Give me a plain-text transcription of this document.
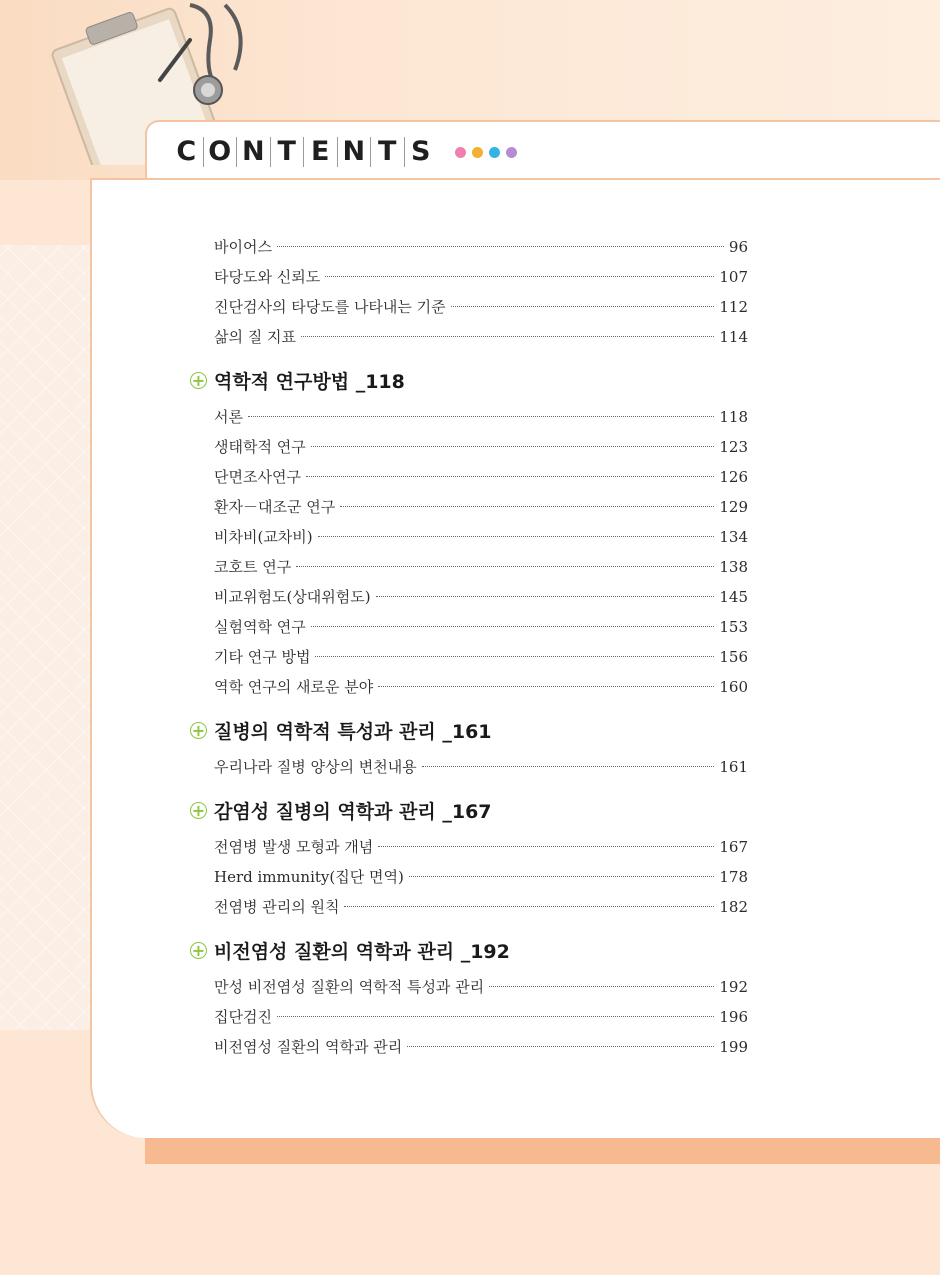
C O N T E N T S
바이어스	96
타당도와 신뢰도	107
진단검사의 타당도를 나타내는 기준	112
삶의 질 지표	114
+ 역학적 연구방법 _118
서론	118
생태학적 연구	123
단면조사연구	126
환자－대조군 연구	129
비차비(교차비)	134
코호트 연구	138
비교위험도(상대위험도)	145
실험역학 연구	153
기타 연구 방법	156
역학 연구의 새로운 분야	160
+ 질병의 역학적 특성과 관리 _161
우리나라 질병 양상의 변천내용	161
+ 감염성 질병의 역학과 관리 _167
전염병 발생 모형과 개념	167
Herd immunity(집단 면역)	178
전염병 관리의 원칙	182
+ 비전염성 질환의 역학과 관리 _192
만성 비전염성 질환의 역학적 특성과 관리	192
집단검진	196
비전염성 질환의 역학과 관리	199
